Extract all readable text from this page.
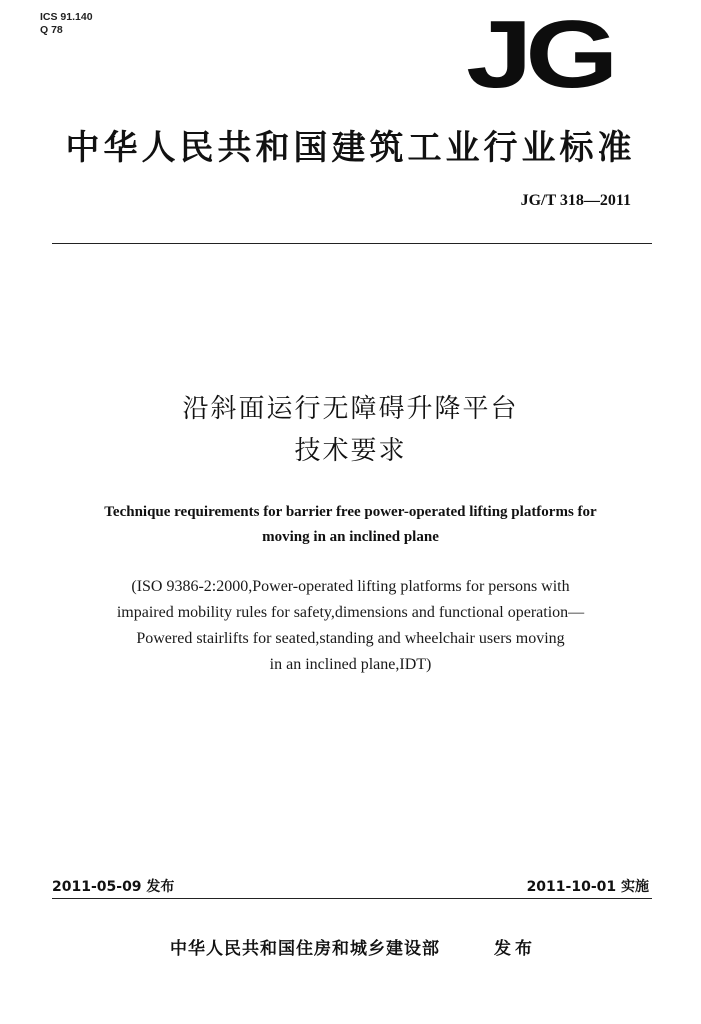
ICS 91.140
Q 78	JG
中华人民共和国建筑工业行业标准
JG/T 318—2011
沿斜面运行无障碍升降平台
技术要求
Technique requirements for barrier free power-operated lifting platforms for
moving in an inclined plane
(ISO 9386-2:2000,Power-operated lifting platforms for persons with
impaired mobility rules for safety,dimensions and functional operation—
Powered stairlifts for seated,standing and wheelchair users moving
in an inclined plane,IDT)
2011-05-09 发布	2011-10-01 实施
中华人民共和国住房和城乡建设部	发布
